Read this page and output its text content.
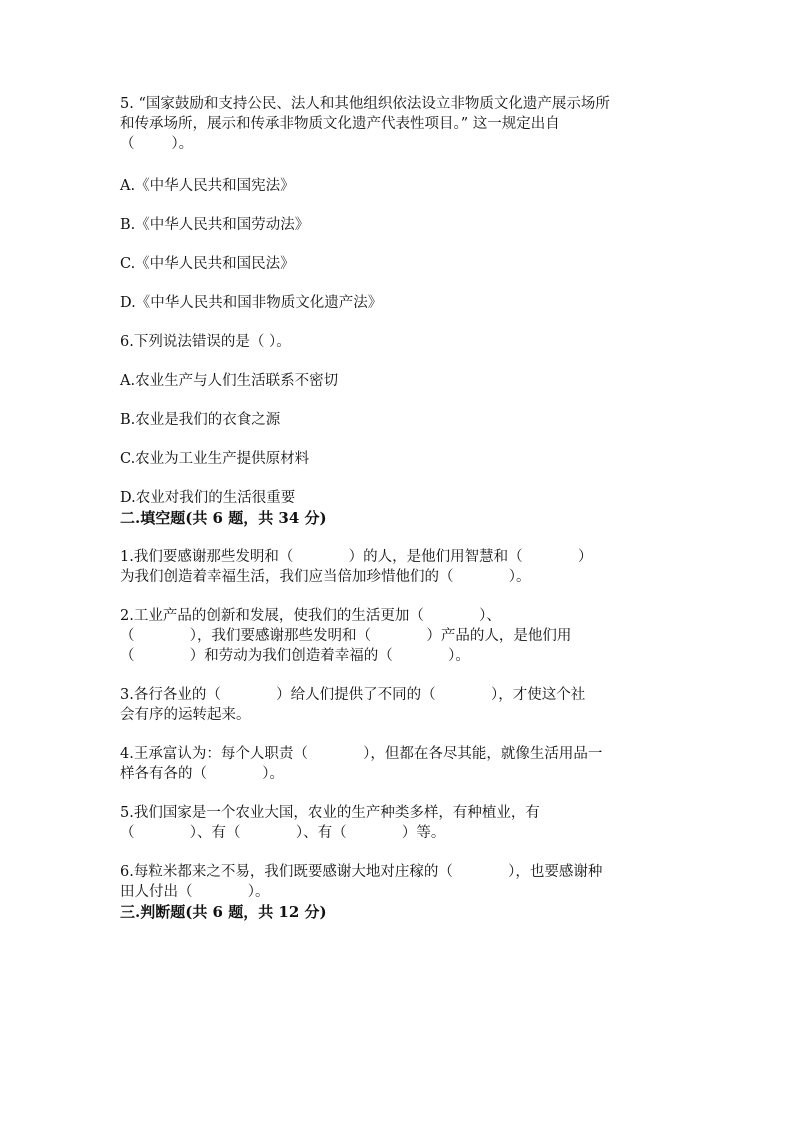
5. “国家鼓励和支持公民、法人和其他组织依法设立非物质文化遗产展示场所
和传承场所，展示和传承非物质文化遗产代表性项目。” 这一规定出自
（        ）。

A.《中华人民共和国宪法》

B.《中华人民共和国劳动法》

C.《中华人民共和国民法》

D.《中华人民共和国非物质文化遗产法》

6.下列说法错误的是（ ）。

A.农业生产与人们生活联系不密切

B.农业是我们的衣食之源

C.农业为工业生产提供原材料

D.农业对我们的生活很重要

二.填空题(共 6 题，共 34 分)

1.我们要感谢那些发明和（            ）的人，是他们用智慧和（            ）
为我们创造着幸福生活，我们应当倍加珍惜他们的（            ）。
2.工业产品的创新和发展，使我们的生活更加（            ）、
（            ），我们要感谢那些发明和（            ）产品的人，是他们用
（            ）和劳动为我们创造着幸福的（            ）。
3.各行各业的（            ）给人们提供了不同的（            ），才使这个社
会有序的运转起来。
4.王承富认为：每个人职责（            ），但都在各尽其能，就像生活用品一
样各有各的（            ）。
5.我们国家是一个农业大国，农业的生产种类多样，有种植业，有
（            ）、有（            ）、有（            ）等。
6.每粒米都来之不易，我们既要感谢大地对庄稼的（            ），也要感谢种
田人付出（            ）。

三.判断题(共 6 题，共 12 分)
